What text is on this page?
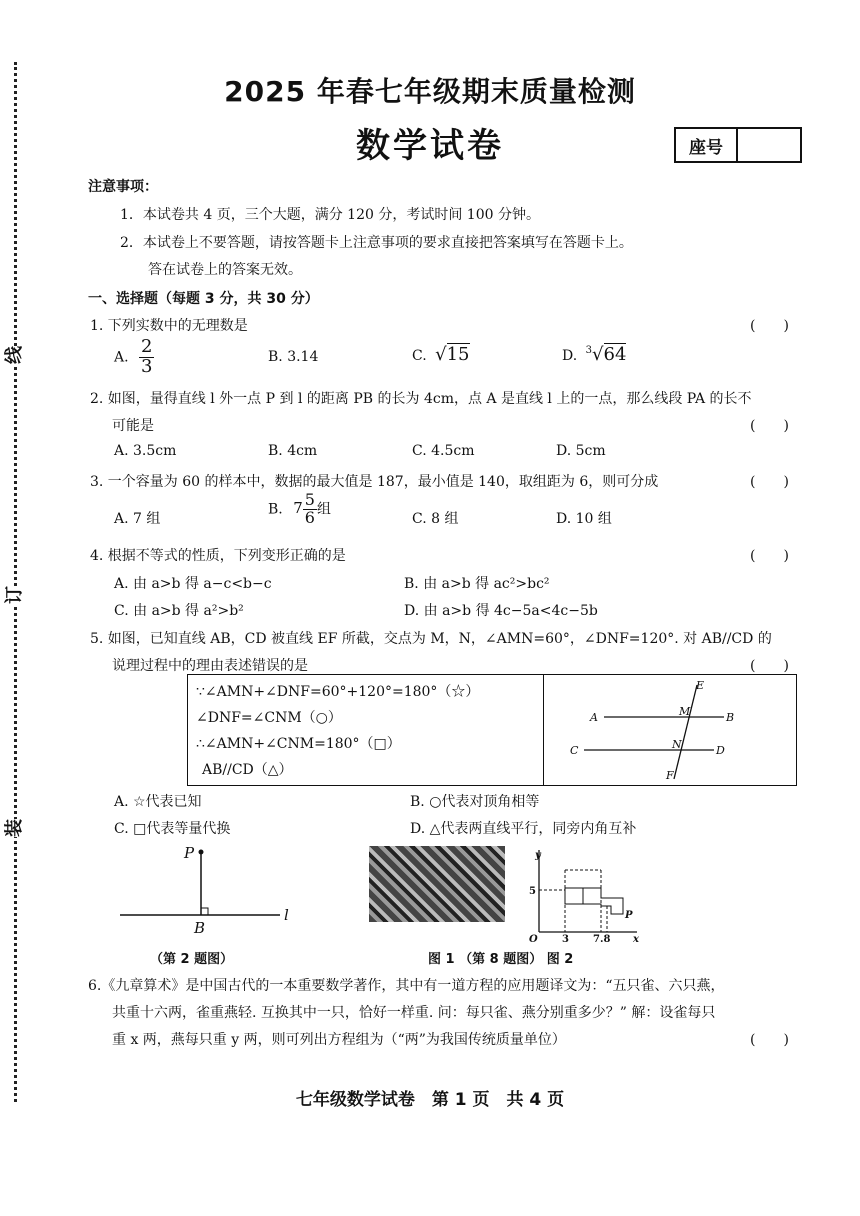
线
订
装
2025 年春七年级期末质量检测
数学试卷	座号
注意事项：
1．本试卷共 4 页，三个大题，满分 120 分，考试时间 100 分钟。
2．本试卷上不要答题，请按答题卡上注意事项的要求直接把答案填写在答题卡上。
答在试卷上的答案无效。
一、选择题（每题 3 分，共 30 分）
1. 下列实数中的无理数是	(　　)
A. $\frac{2}{3}$	B. 3.14	C. √15	D. $^3$√64
2. 如图，量得直线 l 外一点 P 到 l 的距离 PB 的长为 4cm，点 A 是直线 l 上的一点，那么线段 PA 的长不
可能是	(　　)
A. 3.5cm	B. 4cm	C. 4.5cm	D. 5cm
3. 一个容量为 60 的样本中，数据的最大值是 187，最小值是 140，取组距为 6，则可分成	(　　)
A. 7 组
B. $7 \frac{5}{6}$ 组
C. 8 组	D. 10 组
4. 根据不等式的性质，下列变形正确的是	(　　)
A. 由 a>b 得 a−c<b−c	B. 由 a>b 得 ac²>bc²
C. 由 a>b 得 a²>b²	D. 由 a>b 得 4c−5a<4c−5b
5. 如图，已知直线 AB，CD 被直线 EF 所截，交点为 M，N，∠AMN=60°，∠DNF=120°. 对 AB//CD 的
说理过程中的理由表述错误的是	(　　)
∵∠AMN+∠DNF=60°+120°=180°（☆）
∠DNF=∠CNM（○）
∴∠AMN+∠CNM=180°（□）
AB//CD（△）
E
M
A	B
N
C	D
F
A. ☆代表已知	B. ○代表对顶角相等
C. □代表等量代换	D. △代表两直线平行，同旁内角互补
P
B
l
（第 2 题图）
y
x
O
5
3 7.8
P
图 1 （第 8 题图） 图 2
6.《九章算术》是中国古代的一本重要数学著作，其中有一道方程的应用题译文为：“五只雀、六只燕，
共重十六两，雀重燕轻. 互换其中一只，恰好一样重. 问：每只雀、燕分别重多少？” 解：设雀每只
重 x 两，燕每只重 y 两，则可列出方程组为（“两”为我国传统质量单位）	(　　)
七年级数学试卷　第 1 页　共 4 页
